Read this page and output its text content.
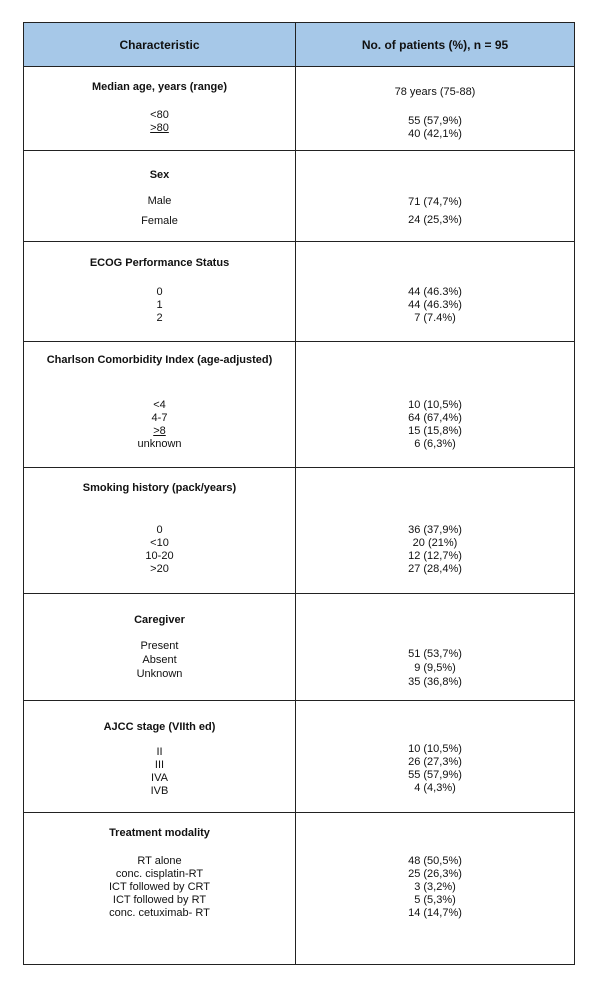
Characteristic	No. of patients (%), n = 95
Median age, years (range)
<80
>80
78 years (75-88)
55 (57,9%)
40 (42,1%)
Sex
Male
Female
71 (74,7%)
24 (25,3%)
ECOG Performance Status
0
1
2
44 (46.3%)
44 (46.3%)
7 (7.4%)
Charlson Comorbidity Index (age-adjusted)
<4
4-7
>8
unknown
10 (10,5%)
64 (67,4%)
15 (15,8%)
6 (6,3%)
Smoking history (pack/years)
0
<10
10-20
>20
36 (37,9%)
20 (21%)
12 (12,7%)
27 (28,4%)
Caregiver
Present
Absent
Unknown
51 (53,7%)
9 (9,5%)
35 (36,8%)
AJCC stage (VIIth ed)
II
III
IVA
IVB
10 (10,5%)
26 (27,3%)
55 (57,9%)
4 (4,3%)
Treatment modality
RT alone
conc. cisplatin-RT
ICT followed by CRT
ICT followed by RT
conc. cetuximab- RT
48 (50,5%)
25 (26,3%)
3 (3,2%)
5 (5,3%)
14 (14,7%)
